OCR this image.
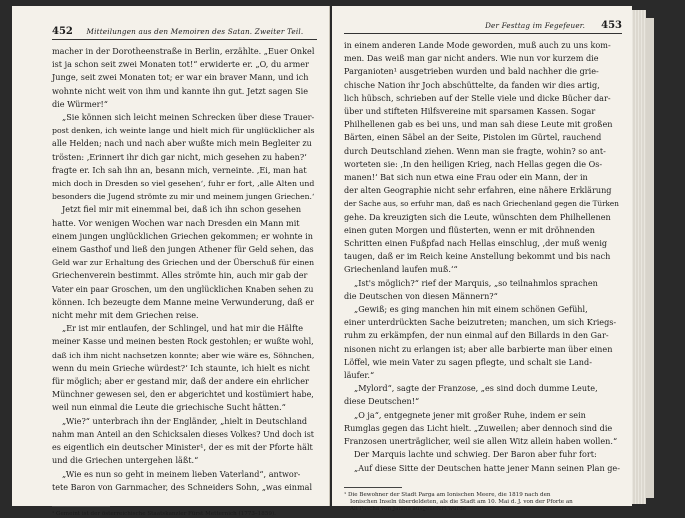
452	Mitteilungen aus den Memoiren des Satan. Zweiter Teil.

macher in der Dorotheenstraße in Berlin, erzählte. „Euer Onkel

ist ja schon seit zwei Monaten tot!“ erwiderte er. „O, du armer

Junge, seit zwei Monaten tot; er war ein braver Mann, und ich

wohnte nicht weit von ihm und kannte ihn gut. Jetzt sagen Sie

die Würmer!“

„Sie können sich leicht meinen Schrecken über diese Trauer-

post denken, ich weinte lange und hielt mich für unglücklicher als

alle Helden; nach und nach aber wußte mich mein Begleiter zu

trösten: ‚Erinnert ihr dich gar nicht, mich gesehen zu haben?‘

fragte er. Ich sah ihn an, besann mich, verneinte. ‚Ei, man hat

mich doch in Dresden so viel gesehen‘, fuhr er fort, ‚alle Alten und

besonders die Jugend strömte zu mir und meinem jungen Griechen.‘

Jetzt fiel mir mit einemmal bei, daß ich ihn schon gesehen

hatte. Vor wenigen Wochen war nach Dresden ein Mann mit

einem jungen unglücklichen Griechen gekommen; er wohnte in

einem Gasthof und ließ den jungen Athener für Geld sehen, das

Geld war zur Erhaltung des Griechen und der Überschuß für einen

Griechenverein bestimmt. Alles strömte hin, auch mir gab der

Vater ein paar Groschen, um den unglücklichen Knaben sehen zu

können. Ich bezeugte dem Manne meine Verwunderung, daß er

nicht mehr mit dem Griechen reise.

„Er ist mir entlaufen, der Schlingel, und hat mir die Hälfte

meiner Kasse und meinen besten Rock gestohlen; er wußte wohl,

daß ich ihm nicht nachsetzen konnte; aber wie wäre es, Söhnchen,

wenn du mein Grieche würdest?‘ Ich staunte, ich hielt es nicht

für möglich; aber er gestand mir, daß der andere ein ehrlicher

Münchner gewesen sei, den er abgerichtet und kostümiert habe,

weil nun einmal die Leute die griechische Sucht hätten.“

„Wie?“ unterbrach ihn der Engländer, „hielt in Deutschland

nahm man Anteil an den Schicksalen dieses Volkes? Und doch ist

es eigentlich ein deutscher Minister¹, der es mit der Pforte hält

und die Griechen untergehen läßt.“

„Wie es nun so geht in meinem lieben Vaterland“, antwor-

tete Baron von Garnmacher, des Schneiders Sohn, „was einmal

¹ Gemeint ist der österreichische Staatskanzler Fürst Metternich (1773–1859).

Der Festtag im Fegefeuer.	453

in einem anderen Lande Mode geworden, muß auch zu uns kom-

men. Das weiß man gar nicht anders. Wie nun vor kurzem die

Parganioten¹ ausgetrieben wurden und bald nachher die grie-

chische Nation ihr Joch abschüttelte, da fanden wir dies artig,

lich hübsch, schrieben auf der Stelle viele und dicke Bücher dar-

über und stifteten Hilfsvereine mit sparsamen Kassen. Sogar

Philhellenen gab es bei uns, und man sah diese Leute mit großen

Bärten, einen Säbel an der Seite, Pistolen im Gürtel, rauchend

durch Deutschland ziehen. Wenn man sie fragte, wohin? so ant-

worteten sie: ‚In den heiligen Krieg, nach Hellas gegen die Os-

manen!‘ Bat sich nun etwa eine Frau oder ein Mann, der in

der alten Geographie nicht sehr erfahren, eine nähere Erklärung

der Sache aus, so erfuhr man, daß es nach Griechenland gegen die Türken

gehe. Da kreuzigten sich die Leute, wünschten dem Philhellenen

einen guten Morgen und flüsterten, wenn er mit dröhnenden

Schritten einen Fußpfad nach Hellas einschlug, ‚der muß wenig

taugen, daß er im Reich keine Anstellung bekommt und bis nach

Griechenland laufen muß.‘“

„Ist's möglich?“ rief der Marquis, „so teilnahmlos sprachen

die Deutschen von diesen Männern?“

„Gewiß; es ging manchen hin mit einem schönen Gefühl,

einer unterdrückten Sache beizutreten; manchen, um sich Kriegs-

ruhm zu erkämpfen, der nun einmal auf den Billards in den Gar-

nisonen nicht zu erlangen ist; aber alle barbierte man über einen

Löffel, wie mein Vater zu sagen pflegte, und schalt sie Land-

läufer.“

„Mylord“, sagte der Franzose, „es sind doch dumme Leute,

diese Deutschen!“

„O ja“, entgegnete jener mit großer Ruhe, indem er sein

Rumglas gegen das Licht hielt. „Zuweilen; aber dennoch sind die

Franzosen unerträglicher, weil sie allen Witz allein haben wollen.“

Der Marquis lachte und schwieg. Der Baron aber fuhr fort:

„Auf diese Sitte der Deutschen hatte jener Mann seinen Plan ge-

¹ Die Bewohner der Stadt Parga am Ionischen Meere, die 1819 nach den

Ionischen Inseln überdeldeten, als die Stadt am 10. Mai d. J. von der Pforte an

Ali Pascha von Janina ausgeliefert wurde
